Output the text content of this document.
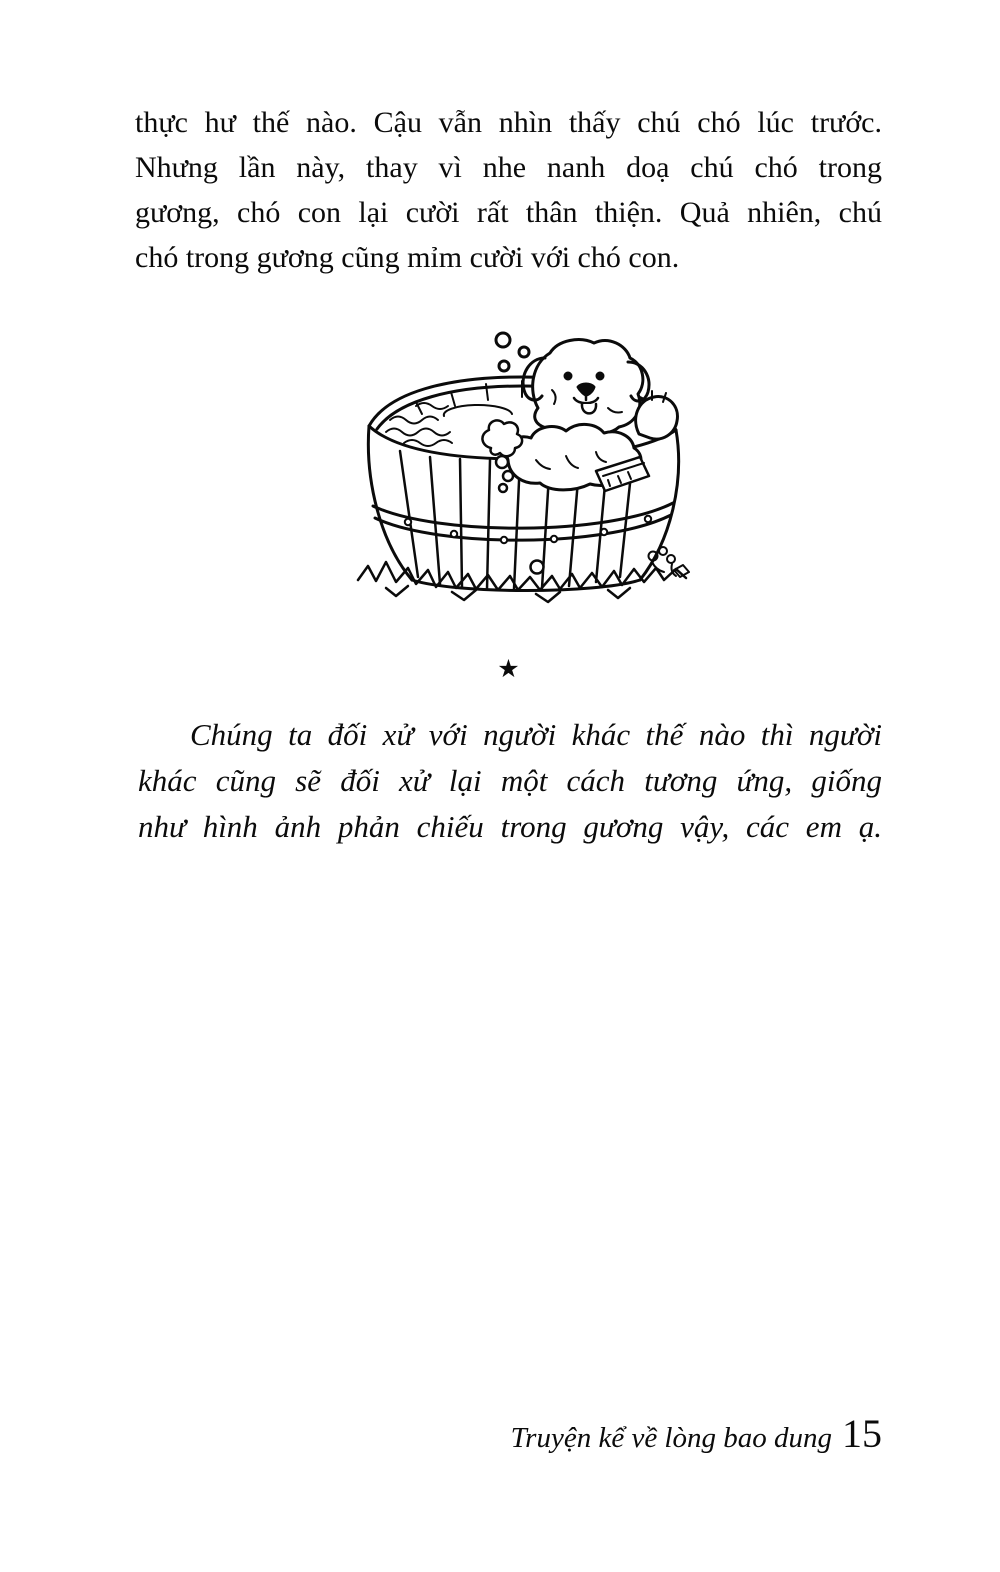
thực hư thế nào. Cậu vẫn nhìn thấy chú chó lúc trước.
Nhưng lần này, thay vì nhe nanh doạ chú chó trong
gương, chó con lại cười rất thân thiện. Quả nhiên, chú
chó trong gương cũng mỉm cười với chó con.
★
Chúng ta đối xử với người khác thế nào thì người
khác cũng sẽ đối xử lại một cách tương ứng, giống
như hình ảnh phản chiếu trong gương vậy, các em ạ.
Truyện kể về lòng bao dung 15
